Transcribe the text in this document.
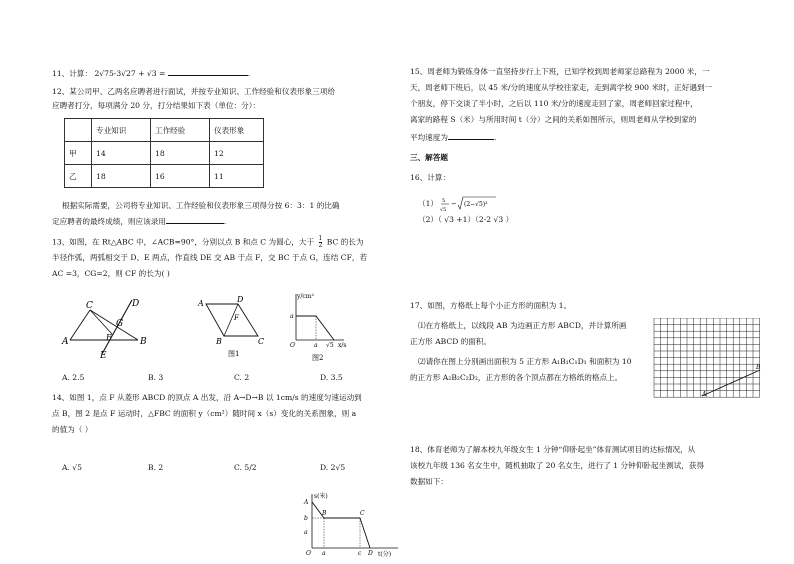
11、计算： 2√75-3√27 + √3 =	.
12、某公司甲、乙两名应聘者进行面试，并按专业知识、工作经验和仪表形象三项给
应聘者打分，每项满分 20 分，打分结果如下表（单位：分）：
	专业知识	工作经验	仪表形象
甲	14	18	12
乙	18	16	11
根据实际需要，公司将专业知识、工作经验和仪表形象三项得分按 6：3：1 的比确
定应聘者的最终成绩，则应该录用	.
13、如图，在 Rt△ABC 中，∠ACB=90°，分别以点 B 和点 C 为圆心，大于 $\frac{1}{2}$ BC 的长为
半径作弧，两弧相交于 D、E 两点，作直线 DE 交 AB 于点 F，交 BC 于点 G，连结 CF，若
AC =3，CG=2，则 CF 的长为( )
D
C
G
F
A
E
B
A	D
F
B	C
图1
y/cm²
a
O	a √5 x/s
图2
A. 2.5	B. 3	C. 2	D. 3.5
14、如图 1，点 F 从菱形 ABCD 的顶点 A 出发，沿 A→D→B 以 1cm/s 的速度匀速运动到
点 B，图 2 是点 F 运动时，△FBC 的面积 y（cm²）随时间 x（s）变化的关系图象，则 a
的值为（ ）
A. √5	B. 2	C. 5/2	D. 2√5
s(米)
A
b
B	C
a
O a	c D t(分)
15、周老师为锻炼身体一直坚持步行上下班，已知学校到周老师家总路程为 2000 米，一
天，周老师下班后，以 45 米/分的速度从学校往家走，走到离学校 900 米时，正好遇到一
个朋友，停下交谈了半小时，之后以 110 米/分的速度走回了家，周老师回家过程中，
离家的路程 S（米）与所用时间 t（分）之间的关系如图所示，则周老师从学校到家的
平均速度为	.
三、解答题
16、计算：
（1） 5
√5
− (2−√5)²
（2）（ √3 +1）（2-2 √3 ）
17、如图，方格纸上每个小正方形的面积为 1。
⑴在方格纸上，以线段 AB 为边画正方形 ABCD，并计算所画
正方形 ABCD 的面积。
⑵请你在图上分别画出面积为 5 正方形 A₁B₁C₁D₁ 和面积为 10
的正方形 A₂B₂C₂D₂，正方形的各个顶点都在方格纸的格点上。
A
B
18、体育老师为了解本校九年级女生 1 分钟“仰卧起坐”体育测试项目的达标情况，从
该校九年级 136 名女生中，随机抽取了 20 名女生，进行了 1 分钟仰卧起坐测试，获得
数据如下：
